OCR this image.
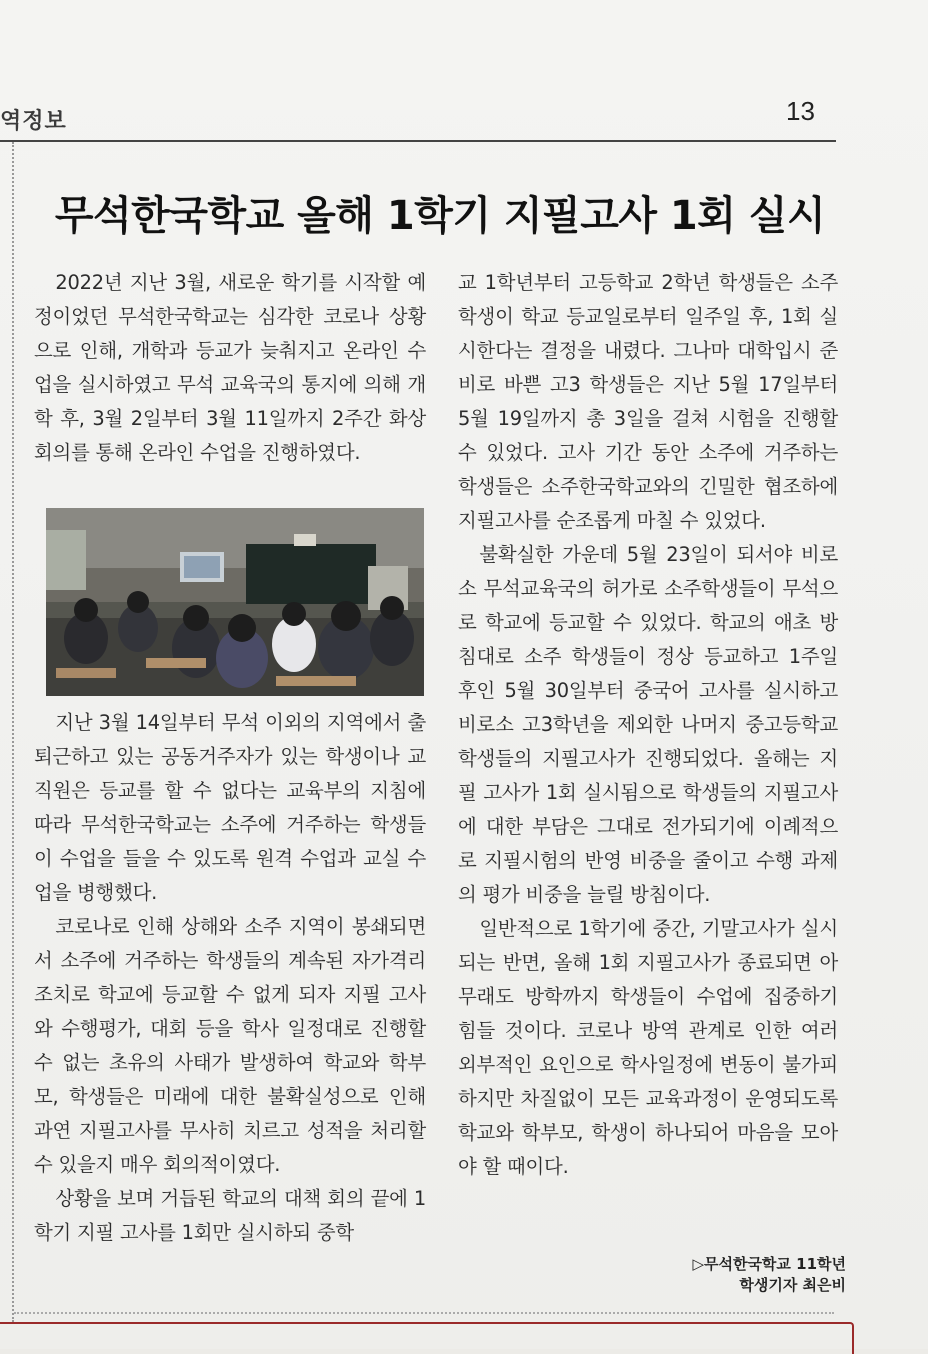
역정보	13
무석한국학교 올해 1학기 지필고사 1회 실시

2022년 지난 3월, 새로운 학기를 시작할 예정이었던 무석한국학교는 심각한 코로나 상황으로 인해, 개학과 등교가 늦춰지고 온라인 수업을 실시하였고 무석 교육국의 통지에 의해 개학 후, 3월 2일부터 3월 11일까지 2주간 화상회의를 통해 온라인 수업을 진행하였다.

지난 3월 14일부터 무석 이외의 지역에서 출퇴근하고 있는 공동거주자가 있는 학생이나 교직원은 등교를 할 수 없다는 교육부의 지침에 따라 무석한국학교는 소주에 거주하는 학생들이 수업을 들을 수 있도록 원격 수업과 교실 수업을 병행했다.

코로나로 인해 상해와 소주 지역이 봉쇄되면서 소주에 거주하는 학생들의 계속된 자가격리 조치로 학교에 등교할 수 없게 되자 지필 고사와 수행평가, 대회 등을 학사 일정대로 진행할 수 없는 초유의 사태가 발생하여 학교와 학부모, 학생들은 미래에 대한 불확실성으로 인해 과연 지필고사를 무사히 치르고 성적을 처리할 수 있을지 매우 회의적이였다.

상황을 보며 거듭된 학교의 대책 회의 끝에 1학기 지필 고사를 1회만 실시하되 중학

교 1학년부터 고등학교 2학년 학생들은 소주 학생이 학교 등교일로부터 일주일 후, 1회 실시한다는 결정을 내렸다. 그나마 대학입시 준비로 바쁜 고3 학생들은 지난 5월 17일부터 5월 19일까지 총 3일을 걸쳐 시험을 진행할 수 있었다. 고사 기간 동안 소주에 거주하는 학생들은 소주한국학교와의 긴밀한 협조하에 지필고사를 순조롭게 마칠 수 있었다.

불확실한 가운데 5월 23일이 되서야 비로소 무석교육국의 허가로 소주학생들이 무석으로 학교에 등교할 수 있었다. 학교의 애초 방침대로 소주 학생들이 정상 등교하고 1주일 후인 5월 30일부터 중국어 고사를 실시하고 비로소 고3학년을 제외한 나머지 중고등학교 학생들의 지필고사가 진행되었다. 올해는 지필 고사가 1회 실시됨으로 학생들의 지필고사에 대한 부담은 그대로 전가되기에 이례적으로 지필시험의 반영 비중을 줄이고 수행 과제의 평가 비중을 늘릴 방침이다.

일반적으로 1학기에 중간, 기말고사가 실시되는 반면, 올해 1회 지필고사가 종료되면 아무래도 방학까지 학생들이 수업에 집중하기 힘들 것이다. 코로나 방역 관계로 인한 여러 외부적인 요인으로 학사일정에 변동이 불가피하지만 차질없이 모든 교육과정이 운영되도록 학교와 학부모, 학생이 하나되어 마음을 모아야 할 때이다.

▷무석한국학교 11학년
학생기자 최은비
